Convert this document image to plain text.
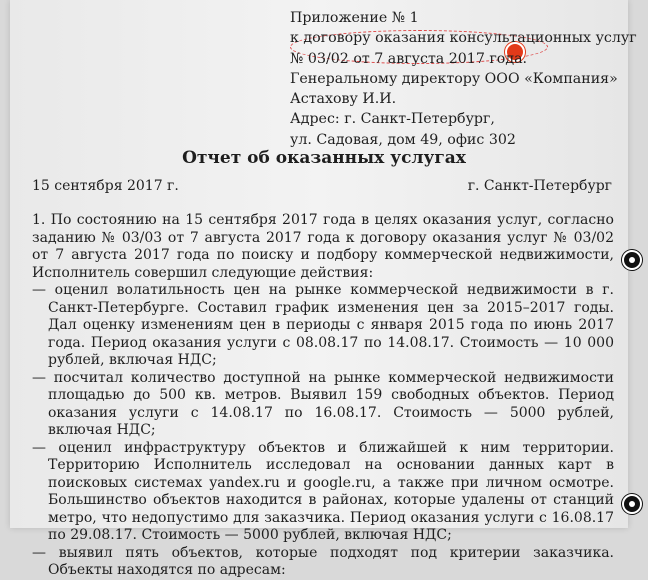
Приложение № 1
к договору оказания консультационных услуг
№ 03/02 от 7 августа 2017 года.
Генеральному директору ООО «Компания»
Астахову И.И.
Адрес: г. Санкт-Петербург,
ул. Садовая, дом 49, офис 302
Отчет об оказанных услугах
15 сентября 2017 г.	г. Санкт-Петербург

1. По состоянию на 15 сентября 2017 года в целях оказания услуг, согласно заданию № 03/03 от 7 августа 2017 года к договору оказания услуг № 03/02 от 7 августа 2017 года по поиску и подбору коммерческой недвижимости, Исполнитель совершил следующие действия:

— оценил волатильность цен на рынке коммерческой недвижимости в г. Санкт-Петербурге. Составил график изменения цен за 2015–2017 годы. Дал оценку изменениям цен в периоды с января 2015 года по июнь 2017 года. Период оказания услуги с 08.08.17 по 14.08.17. Стоимость — 10 000 рублей, включая НДС;

— посчитал количество доступной на рынке коммерческой недвижимости площадью до 500 кв. метров. Выявил 159 свободных объектов. Период оказания услуги с 14.08.17 по 16.08.17. Стоимость — 5000 рублей, включая НДС;

— оценил инфраструктуру объектов и ближайшей к ним территории. Территорию Исполнитель исследовал на основании данных карт в поисковых системах yandex.ru и google.ru, а также при личном осмотре. Большинство объектов находится в районах, которые удалены от станций метро, что недопустимо для заказчика. Период оказания услуги с 16.08.17 по 29.08.17. Стоимость — 5000 рублей, включая НДС;

— выявил пять объектов, которые подходят под критерии заказчика. Объекты находятся по адресам:
